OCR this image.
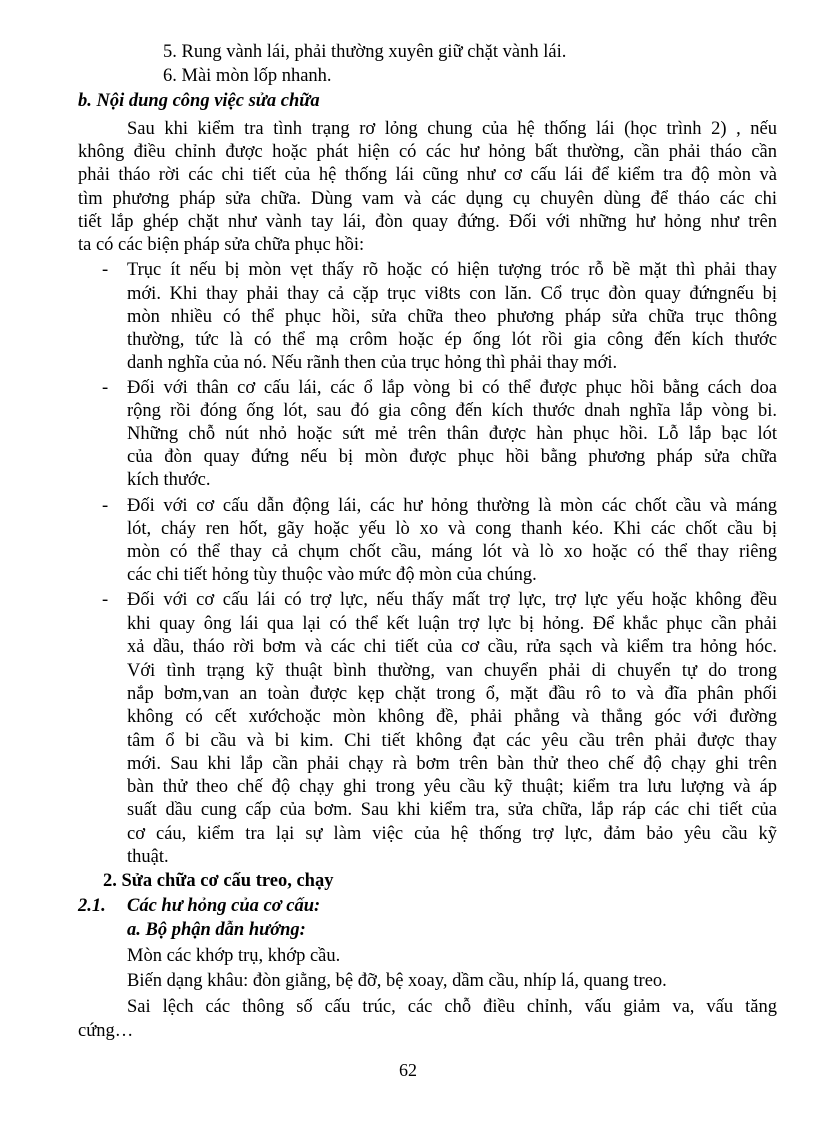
5. Rung vành lái, phải thường xuyên giữ chặt vành lái.
6. Mài mòn lốp nhanh.
b. Nội dung công việc sửa chữa
Sau khi kiểm tra tình trạng rơ lỏng chung của hệ thống lái (học trình 2) , nếu
không điều chỉnh được hoặc phát hiện có các hư hỏng bất thường, cần phải tháo cần
phải tháo rời các chi tiết của hệ thống lái cũng như cơ cấu lái để kiểm tra độ mòn và
tìm phương pháp sửa chữa. Dùng vam và các dụng cụ chuyên dùng để tháo các chi
tiết lắp ghép chặt như vành tay lái, đòn quay đứng. Đối với những hư hỏng như trên
ta có các biện pháp sửa chữa phục hồi:
- Trục ít nếu bị mòn vẹt thấy rõ hoặc có hiện tượng tróc rỗ bề mặt thì phải thay
mới. Khi thay phải thay cả cặp trục vi8ts con lăn. Cổ trục đòn quay đứngnếu bị
mòn nhiều có thể phục hồi, sửa chữa theo phương pháp sửa chữa trục thông
thường, tức là có thể mạ crôm hoặc ép ống lót rồi gia công đến kích thước
danh nghĩa của nó. Nếu rãnh then của trục hỏng thì phải thay mới.
- Đối với thân cơ cấu lái, các ổ lắp vòng bi có thể được phục hồi bằng cách doa
rộng rồi đóng ống lót, sau đó gia công đến kích thước dnah nghĩa lắp vòng bi.
Những chỗ nút nhỏ hoặc sứt mẻ trên thân được hàn phục hồi. Lỗ lắp bạc lót
của đòn quay đứng nếu bị mòn được phục hồi bằng phương pháp sửa chữa
kích thước.
- Đối với cơ cấu dẫn động lái, các hư hỏng thường là mòn các chốt cầu và máng
lót, cháy ren hốt, gãy hoặc yếu lò xo và cong thanh kéo. Khi các chốt cầu bị
mòn có thể thay cả chụm chốt cầu, máng lót và lò xo hoặc có thể thay riêng
các chi tiết hỏng tùy thuộc vào mức độ mòn của chúng.
- Đối với cơ cấu lái có trợ lực, nếu thấy mất trợ lực, trợ lực yếu hoặc không đều
khi quay ông lái qua lại có thể kết luận trợ lực bị hỏng. Để khắc phục cần phải
xả dầu, tháo rời bơm và các chi tiết của cơ cầu, rửa sạch và kiểm tra hỏng hóc.
Với tình trạng kỹ thuật bình thường, van chuyển phải di chuyển tự do trong
nắp bơm,van an toàn được kẹp chặt trong ổ, mặt đầu rô to và đĩa phân phối
không có cết xướchoặc mòn không đề, phải phẳng và thẳng góc với đường
tâm ổ bi cầu và bi kim. Chi tiết không đạt các yêu cầu trên phải được thay
mới. Sau khi lắp cần phải chạy rà bơm trên bàn thử theo chế độ chạy ghi trên
bàn thử theo chế độ chạy ghi trong yêu cầu kỹ thuật; kiểm tra lưu lượng và áp
suất dầu cung cấp của bơm. Sau khi kiểm tra, sửa chữa, lắp ráp các chi tiết của
cơ cáu, kiểm tra lại sự làm việc của hệ thống trợ lực, đảm bảo yêu cầu kỹ
thuật.
2. Sửa chữa cơ cấu treo, chạy
2.1. Các hư hỏng của cơ cấu:
a. Bộ phận dẫn hướng:
Mòn các khớp trụ, khớp cầu.
Biến dạng khâu: đòn giằng, bệ đỡ, bệ xoay, dầm cầu, nhíp lá, quang treo.
Sai lệch các thông số cấu trúc, các chỗ điều chỉnh, vấu giảm va, vấu tăng
cứng…
62
